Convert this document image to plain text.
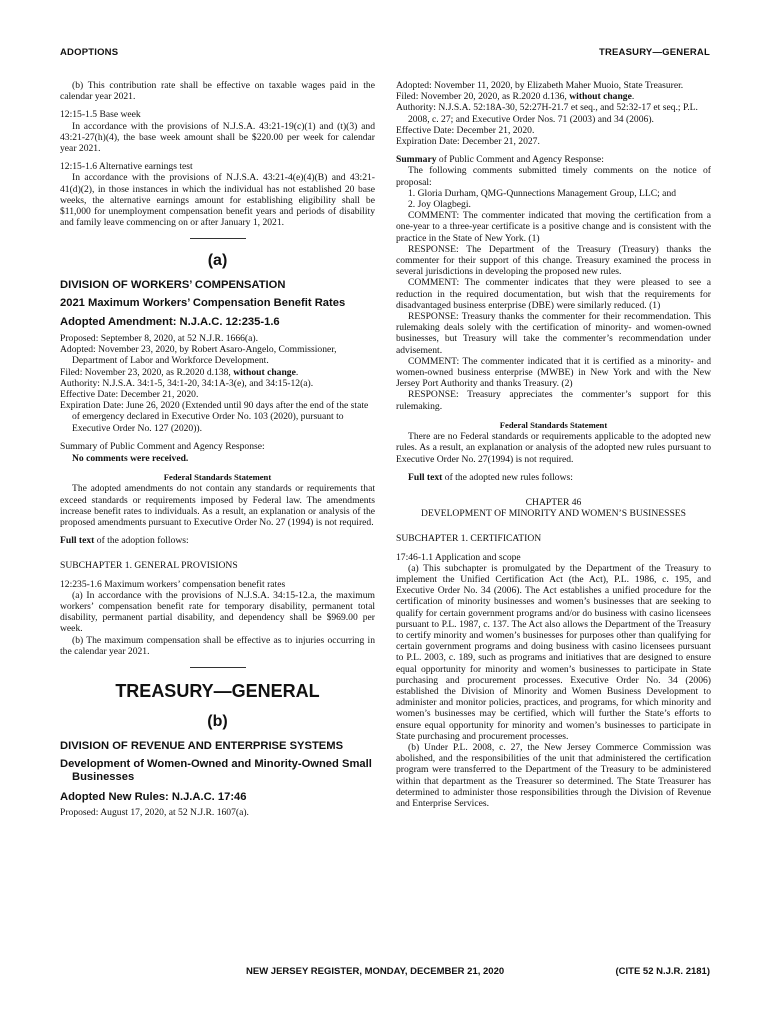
ADOPTIONS	TREASURY—GENERAL

(b) This contribution rate shall be effective on taxable wages paid in the calendar year 2021.

12:15-1.5 Base week

In accordance with the provisions of N.J.S.A. 43:21-19(c)(1) and (t)(3) and 43:21-27(h)(4), the base week amount shall be $220.00 per week for calendar year 2021.

12:15-1.6 Alternative earnings test

In accordance with the provisions of N.J.S.A. 43:21-4(e)(4)(B) and 43:21-41(d)(2), in those instances in which the individual has not established 20 base weeks, the alternative earnings amount for establishing eligibility shall be $11,000 for unemployment compensation benefit years and periods of disability and family leave commencing on or after January 1, 2021.

(a)
DIVISION OF WORKERS’ COMPENSATION
2021 Maximum Workers’ Compensation Benefit Rates
Adopted Amendment: N.J.A.C. 12:235-1.6
Proposed: September 8, 2020, at 52 N.J.R. 1666(a).
Adopted: November 23, 2020, by Robert Asaro-Angelo, Commissioner, Department of Labor and Workforce Development.
Filed: November 23, 2020, as R.2020 d.138, without change.
Authority: N.J.S.A. 34:1-5, 34:1-20, 34:1A-3(e), and 34:15-12(a).
Effective Date: December 21, 2020.
Expiration Date: June 26, 2020 (Extended until 90 days after the end of the state of emergency declared in Executive Order No. 103 (2020), pursuant to Executive Order No. 127 (2020)).

Summary of Public Comment and Agency Response:

No comments were received.
Federal Standards Statement

The adopted amendments do not contain any standards or requirements that exceed standards or requirements imposed by Federal law. The amendments increase benefit rates to individuals. As a result, an explanation or analysis of the proposed amendments pursuant to Executive Order No. 27 (1994) is not required.

Full text of the adoption follows:

SUBCHAPTER 1. GENERAL PROVISIONS

12:235-1.6 Maximum workers’ compensation benefit rates

(a) In accordance with the provisions of N.J.S.A. 34:15-12.a, the maximum workers’ compensation benefit rate for temporary disability, permanent total disability, permanent partial disability, and dependency shall be $969.00 per week.

(b) The maximum compensation shall be effective as to injuries occurring in the calendar year 2021.

TREASURY—GENERAL
(b)
DIVISION OF REVENUE AND ENTERPRISE SYSTEMS
Development of Women-Owned and Minority-Owned Small Businesses
Adopted New Rules: N.J.A.C. 17:46
Proposed: August 17, 2020, at 52 N.J.R. 1607(a).
Adopted: November 11, 2020, by Elizabeth Maher Muoio, State Treasurer.
Filed: November 20, 2020, as R.2020 d.136, without change.
Authority: N.J.S.A. 52:18A-30, 52:27H-21.7 et seq., and 52:32-17 et seq.; P.L. 2008, c. 27; and Executive Order Nos. 71 (2003) and 34 (2006).
Effective Date: December 21, 2020.
Expiration Date: December 21, 2027.

Summary of Public Comment and Agency Response:

The following comments submitted timely comments on the notice of proposal:

1. Gloria Durham, QMG-Qunnections Management Group, LLC; and

2. Joy Olagbegi.

COMMENT: The commenter indicated that moving the certification from a one-year to a three-year certificate is a positive change and is consistent with the practice in the State of New York. (1)

RESPONSE: The Department of the Treasury (Treasury) thanks the commenter for their support of this change. Treasury examined the process in several jurisdictions in developing the proposed new rules.

COMMENT: The commenter indicates that they were pleased to see a reduction in the required documentation, but wish that the requirements for disadvantaged business enterprise (DBE) were similarly reduced. (1)

RESPONSE: Treasury thanks the commenter for their recommendation. This rulemaking deals solely with the certification of minority- and women-owned businesses, but Treasury will take the commenter’s recommendation under advisement.

COMMENT: The commenter indicated that it is certified as a minority- and women-owned business enterprise (MWBE) in New York and with the New Jersey Port Authority and thanks Treasury. (2)

RESPONSE: Treasury appreciates the commenter’s support for this rulemaking.

Federal Standards Statement

There are no Federal standards or requirements applicable to the adopted new rules. As a result, an explanation or analysis of the adopted new rules pursuant to Executive Order No. 27(1994) is not required.

Full text of the adopted new rules follows:

CHAPTER 46

DEVELOPMENT OF MINORITY AND WOMEN’S BUSINESSES

SUBCHAPTER 1. CERTIFICATION

17:46-1.1 Application and scope

(a) This subchapter is promulgated by the Department of the Treasury to implement the Unified Certification Act (the Act), P.L. 1986, c. 195, and Executive Order No. 34 (2006). The Act establishes a unified procedure for the certification of minority businesses and women’s businesses that are seeking to qualify for certain government programs and/or do business with casino licensees pursuant to P.L. 1987, c. 137. The Act also allows the Department of the Treasury to certify minority and women’s businesses for purposes other than qualifying for certain government programs and doing business with casino licensees pursuant to P.L. 2003, c. 189, such as programs and initiatives that are designed to ensure equal opportunity for minority and women’s businesses to participate in State purchasing and procurement processes. Executive Order No. 34 (2006) established the Division of Minority and Women Business Development to administer and monitor policies, practices, and programs, for which minority and women’s businesses may be certified, which will further the State’s efforts to ensure equal opportunity for minority and women’s businesses to participate in State purchasing and procurement processes.

(b) Under P.L. 2008, c. 27, the New Jersey Commerce Commission was abolished, and the responsibilities of the unit that administered the certification program were transferred to the Department of the Treasury to be administered within that department as the Treasurer so determined. The State Treasurer has determined to administer those responsibilities through the Division of Revenue and Enterprise Services.

NEW JERSEY REGISTER, MONDAY, DECEMBER 21, 2020	(CITE 52 N.J.R. 2181)
